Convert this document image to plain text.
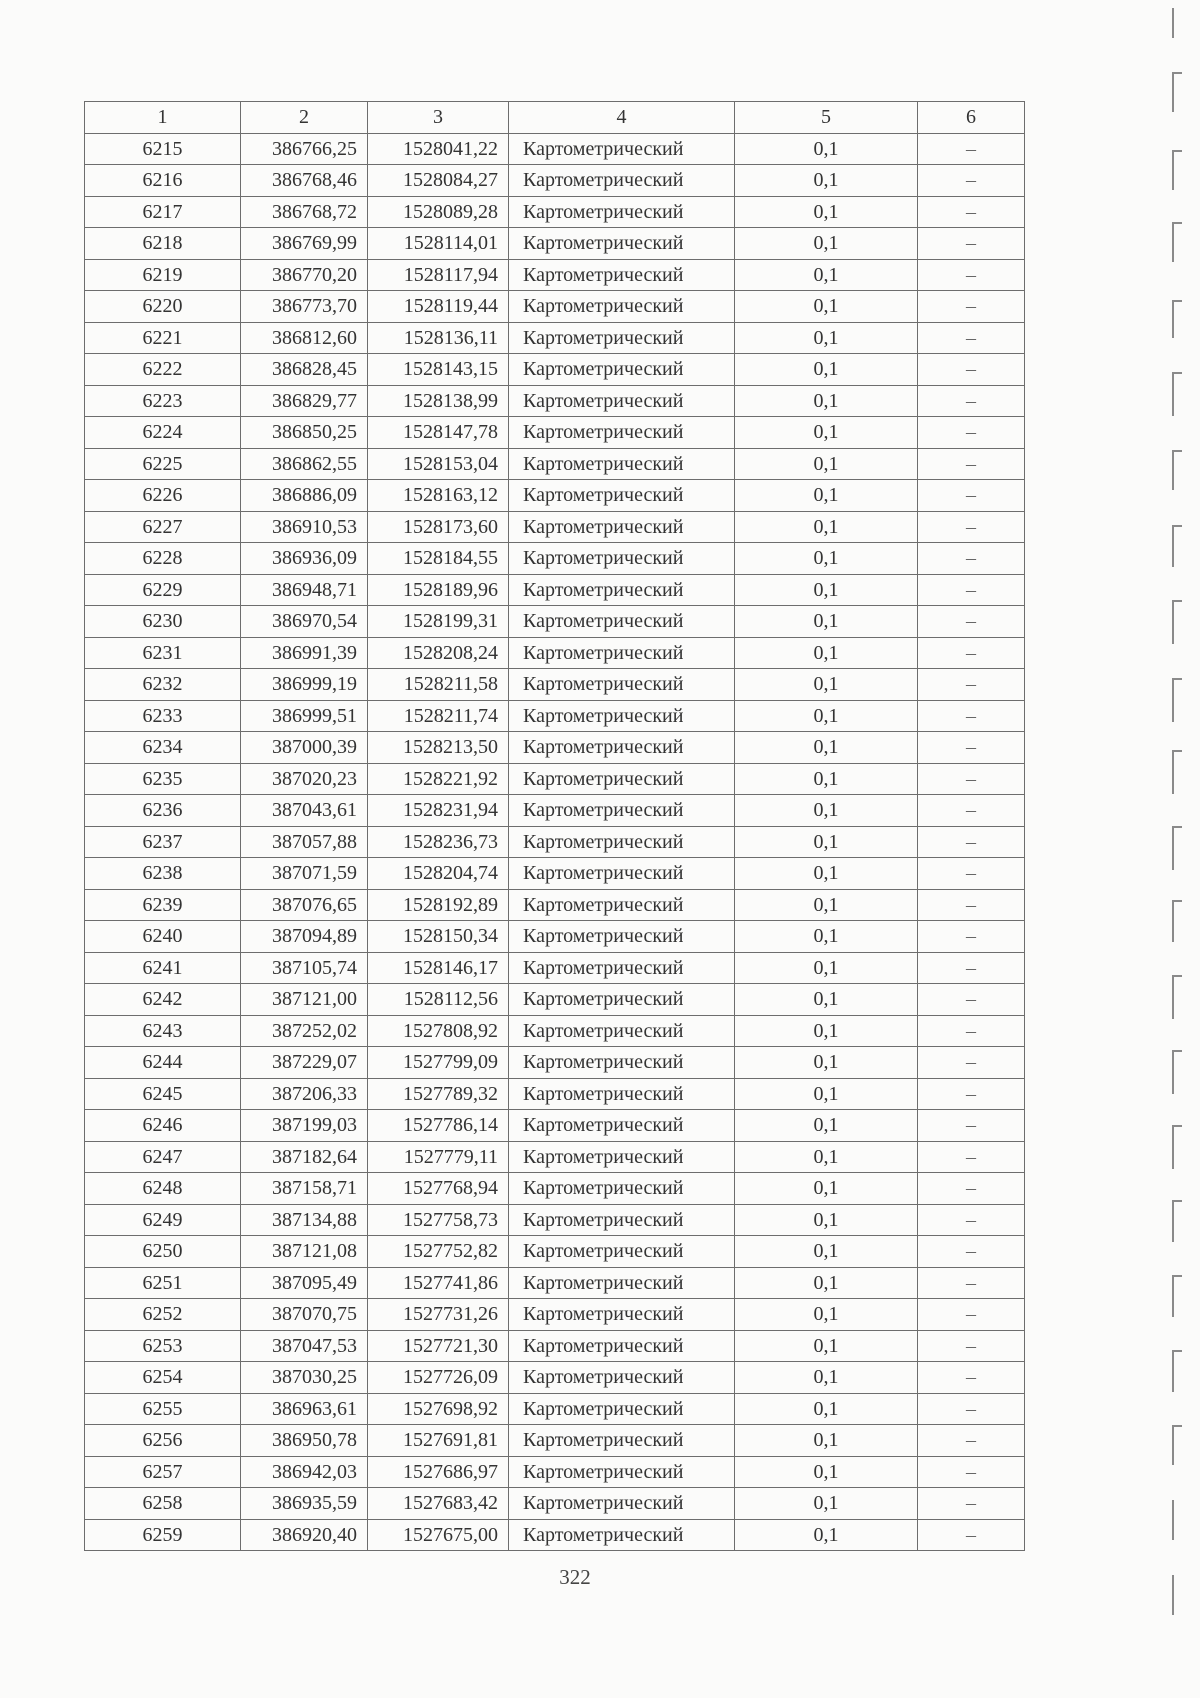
1	2	3	4	5	6
6215	386766,25	1528041,22	Картометрический	0,1	–
6216	386768,46	1528084,27	Картометрический	0,1	–
6217	386768,72	1528089,28	Картометрический	0,1	–
6218	386769,99	1528114,01	Картометрический	0,1	–
6219	386770,20	1528117,94	Картометрический	0,1	–
6220	386773,70	1528119,44	Картометрический	0,1	–
6221	386812,60	1528136,11	Картометрический	0,1	–
6222	386828,45	1528143,15	Картометрический	0,1	–
6223	386829,77	1528138,99	Картометрический	0,1	–
6224	386850,25	1528147,78	Картометрический	0,1	–
6225	386862,55	1528153,04	Картометрический	0,1	–
6226	386886,09	1528163,12	Картометрический	0,1	–
6227	386910,53	1528173,60	Картометрический	0,1	–
6228	386936,09	1528184,55	Картометрический	0,1	–
6229	386948,71	1528189,96	Картометрический	0,1	–
6230	386970,54	1528199,31	Картометрический	0,1	–
6231	386991,39	1528208,24	Картометрический	0,1	–
6232	386999,19	1528211,58	Картометрический	0,1	–
6233	386999,51	1528211,74	Картометрический	0,1	–
6234	387000,39	1528213,50	Картометрический	0,1	–
6235	387020,23	1528221,92	Картометрический	0,1	–
6236	387043,61	1528231,94	Картометрический	0,1	–
6237	387057,88	1528236,73	Картометрический	0,1	–
6238	387071,59	1528204,74	Картометрический	0,1	–
6239	387076,65	1528192,89	Картометрический	0,1	–
6240	387094,89	1528150,34	Картометрический	0,1	–
6241	387105,74	1528146,17	Картометрический	0,1	–
6242	387121,00	1528112,56	Картометрический	0,1	–
6243	387252,02	1527808,92	Картометрический	0,1	–
6244	387229,07	1527799,09	Картометрический	0,1	–
6245	387206,33	1527789,32	Картометрический	0,1	–
6246	387199,03	1527786,14	Картометрический	0,1	–
6247	387182,64	1527779,11	Картометрический	0,1	–
6248	387158,71	1527768,94	Картометрический	0,1	–
6249	387134,88	1527758,73	Картометрический	0,1	–
6250	387121,08	1527752,82	Картометрический	0,1	–
6251	387095,49	1527741,86	Картометрический	0,1	–
6252	387070,75	1527731,26	Картометрический	0,1	–
6253	387047,53	1527721,30	Картометрический	0,1	–
6254	387030,25	1527726,09	Картометрический	0,1	–
6255	386963,61	1527698,92	Картометрический	0,1	–
6256	386950,78	1527691,81	Картометрический	0,1	–
6257	386942,03	1527686,97	Картометрический	0,1	–
6258	386935,59	1527683,42	Картометрический	0,1	–
6259	386920,40	1527675,00	Картометрический	0,1	–
322
